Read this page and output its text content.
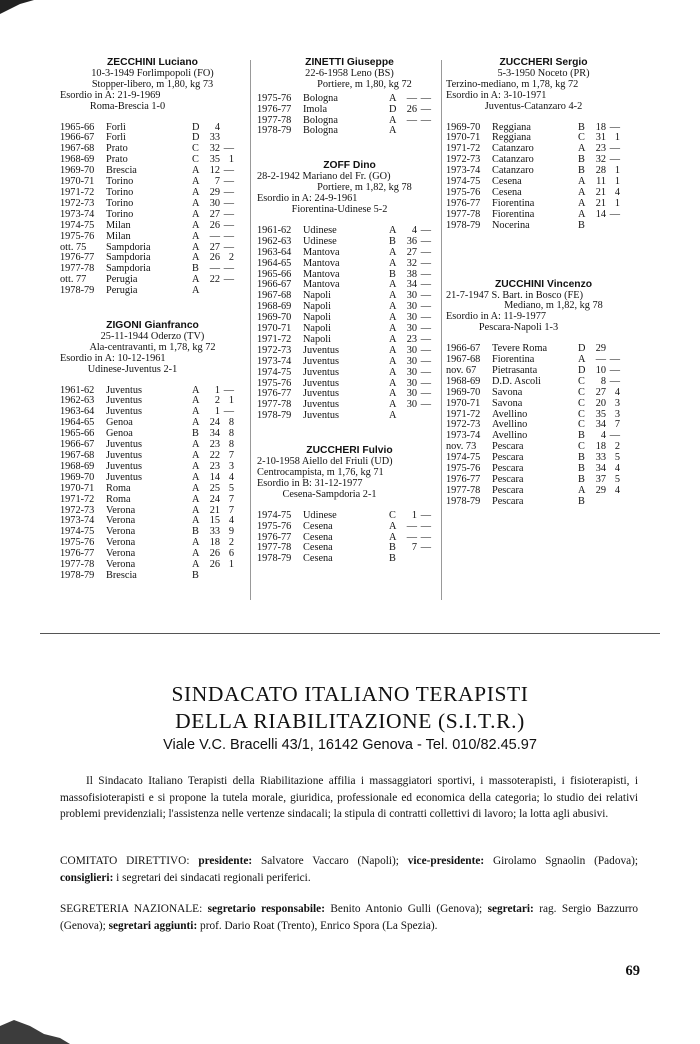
ZECCHINI Luciano
10-3-1949 Forlimpopoli (FO)
Stopper-libero, m 1,80, kg 73
Esordio in A: 21-9-1969
Roma-Brescia 1-0
1965-66	Forlì	D	4
1966-67	Forlì	D 33
1967-68	Prato	C	32 —
1968-69	Prato	C	35 1
1969-70	Brescia	A 12 —
1970-71	Torino	A	7 —
1971-72	Torino	A 29 —
1972-73	Torino	A 30 —
1973-74	Torino	A 27 —
1974-75	Milan	A 26 —
1975-76	Milan	A — —
ott. 75	Sampdoria	A 27 —
1976-77	Sampdoria	A 26 2
1977-78	Sampdoria	B	— —
ott. 77	Perugia	A 22 —
1978-79	Perugia	A
ZIGONI Gianfranco
25-11-1944 Oderzo (TV)
Ala-centravanti, m 1,78, kg 72
Esordio in A: 10-12-1961
Udinese-Juventus 2-1
1961-62	Juventus	A	1 —
1962-63	Juventus	A	2 1
1963-64	Juventus	A	1 —
1964-65	Genoa	A 24 8
1965-66	Genoa	B	34 8
1966-67	Juventus	A 23 8
1967-68	Juventus	A 22 7
1968-69	Juventus	A 23 3
1969-70	Juventus	A 14 4
1970-71	Roma	A 25 5
1971-72	Roma	A 24 7
1972-73	Verona	A 21 7
1973-74	Verona	A 15 4
1974-75	Verona	B	33 9
1975-76	Verona	A 18 2
1976-77	Verona	A 26 6
1977-78	Verona	A 26 1
1978-79	Brescia	B
ZINETTI Giuseppe
22-6-1958 Leno (BS)
Portiere, m 1,80, kg 72
1975-76	Bologna	A — —
1976-77	Imola	D 26 —
1977-78	Bologna	A — —
1978-79	Bologna	A
ZOFF Dino
28-2-1942 Mariano del Fr. (GO)
Portiere, m 1,82, kg 78
Esordio in A: 24-9-1961
Fiorentina-Udinese 5-2
1961-62	Udinese	A	4 —
1962-63	Udinese	B	36 —
1963-64	Mantova	A 27 —
1964-65	Mantova	A 32 —
1965-66	Mantova	B	38 —
1966-67	Mantova	A 34 —
1967-68	Napoli	A 30 —
1968-69	Napoli	A 30 —
1969-70	Napoli	A 30 —
1970-71	Napoli	A 30 —
1971-72	Napoli	A 23 —
1972-73	Juventus	A 30 —
1973-74	Juventus	A 30 —
1974-75	Juventus	A 30 —
1975-76	Juventus	A 30 —
1976-77	Juventus	A 30 —
1977-78	Juventus	A 30 —
1978-79	Juventus	A
ZUCCHERI Fulvio
2-10-1958 Aiello del Friuli (UD)
Centrocampista, m 1,76, kg 71
Esordio in B: 31-12-1977
Cesena-Sampdoria 2-1
1974-75	Udinese	C	1 —
1975-76	Cesena	A — —
1976-77	Cesena	A — —
1977-78	Cesena	B	7 —
1978-79	Cesena	B
ZUCCHERI Sergio
5-3-1950 Noceto (PR)
Terzino-mediano, m 1,78, kg 72
Esordio in A: 3-10-1971
Juventus-Catanzaro 4-2
1969-70	Reggiana	B	18 —
1970-71	Reggiana	C	31 1
1971-72	Catanzaro	A 23 —
1972-73	Catanzaro	B	32 —
1973-74	Catanzaro	B	28 1
1974-75	Cesena	A	11 1
1975-76	Cesena	A 21 4
1976-77	Fiorentina	A 21 1
1977-78	Fiorentina	A 14 —
1978-79	Nocerina	B
ZUCCHINI Vincenzo
21-7-1947 S. Bart. in Bosco (FE)
Mediano, m 1,82, kg 78
Esordio in A: 11-9-1977
Pescara-Napoli 1-3
1966-67	Tevere Roma	D 29
1967-68	Fiorentina	A — —
nov. 67	Pietrasanta	D 10 —
1968-69	D.D. Ascoli	C	8 —
1969-70	Savona	C	27 4
1970-71	Savona	C	20 3
1971-72	Avellino	C	35 3
1972-73	Avellino	C	34 7
1973-74	Avellino	B	4 —
nov. 73	Pescara	C	18 2
1974-75	Pescara	B	33 5
1975-76	Pescara	B	34 4
1976-77	Pescara	B	37 5
1977-78	Pescara	A 29 4
1978-79	Pescara	B
SINDACATO ITALIANO TERAPISTI
DELLA RIABILITAZIONE (S.I.T.R.)
Viale V.C. Bracelli 43/1, 16142 Genova - Tel. 010/82.45.97
Il Sindacato Italiano Terapisti della Riabilitazione affilia i massaggiatori sportivi, i massoterapisti, i fisioterapisti, i massofisioterapisti e si propone la tutela morale, giuridica, professionale ed economica della categoria; lo studio dei relativi problemi previdenziali; l'assistenza nelle vertenze sindacali; la stipula di contratti collettivi di lavoro; la lotta agli abusivi.
COMITATO DIRETTIVO: presidente: Salvatore Vaccaro (Napoli); vice-presidente: Girolamo Sgnaolin (Padova); consiglieri: i segretari dei sindacati regionali periferici.
SEGRETERIA NAZIONALE: segretario responsabile: Benito Antonio Gulli (Genova); segretari: rag. Sergio Bazzurro (Genova); segretari aggiunti: prof. Dario Roat (Trento), Enrico Spora (La Spezia).
69
